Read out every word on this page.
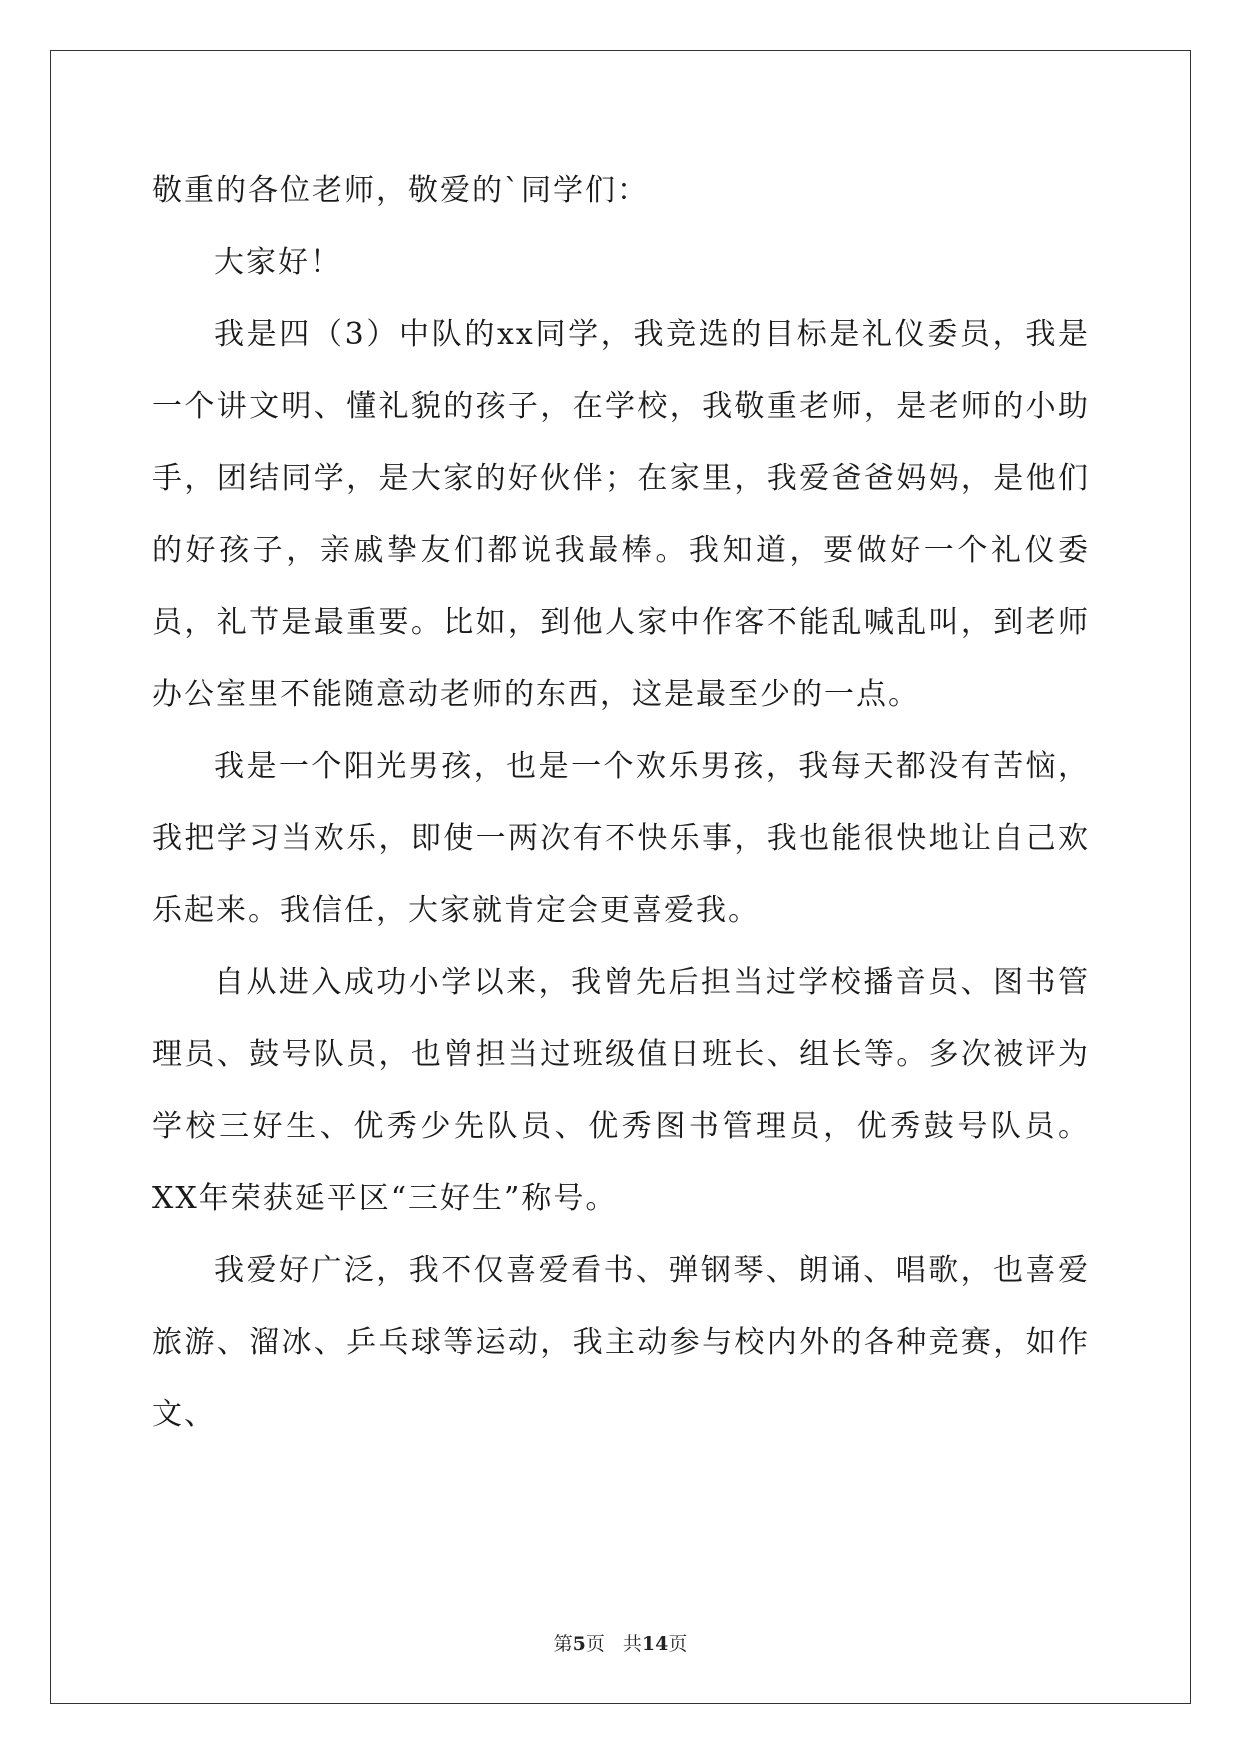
敬重的各位老师，敬爱的`同学们：

大家好！

我是四（3）中队的xx同学，我竞选的目标是礼仪委员，我是一个讲文明、懂礼貌的孩子，在学校，我敬重老师，是老师的小助手，团结同学，是大家的好伙伴；在家里，我爱爸爸妈妈，是他们的好孩子，亲戚挚友们都说我最棒。我知道，要做好一个礼仪委员，礼节是最重要。比如，到他人家中作客不能乱喊乱叫，到老师办公室里不能随意动老师的东西，这是最至少的一点。

我是一个阳光男孩，也是一个欢乐男孩，我每天都没有苦恼，我把学习当欢乐，即使一两次有不快乐事，我也能很快地让自己欢乐起来。我信任，大家就肯定会更喜爱我。

自从进入成功小学以来，我曾先后担当过学校播音员、图书管理员、鼓号队员，也曾担当过班级值日班长、组长等。多次被评为学校三好生、优秀少先队员、优秀图书管理员，优秀鼓号队员。XX年荣获延平区“三好生”称号。

我爱好广泛，我不仅喜爱看书、弹钢琴、朗诵、唱歌，也喜爱旅游、溜冰、乒乓球等运动，我主动参与校内外的各种竞赛，如作文、

第5页 共14页
